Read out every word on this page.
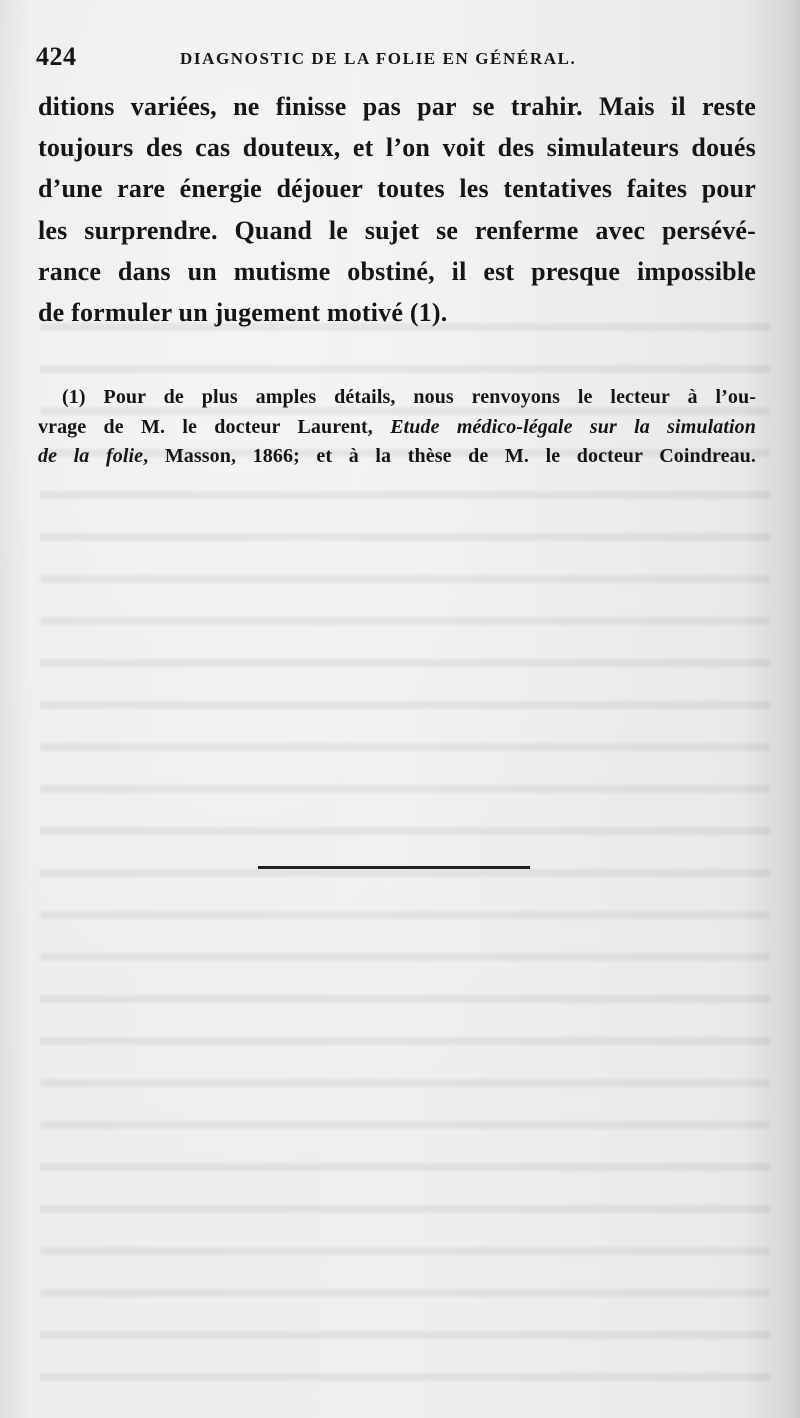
424	DIAGNOSTIC DE LA FOLIE EN GÉNÉRAL.
ditions variées, ne finisse pas par se trahir. Mais il reste
toujours des cas douteux, et l’on voit des simulateurs doués
d’une rare énergie déjouer toutes les tentatives faites pour
les surprendre. Quand le sujet se renferme avec persévé-
rance dans un mutisme obstiné, il est presque impossible
de formuler un jugement motivé (1).
(1) Pour de plus amples détails, nous renvoyons le lecteur à l’ou-
vrage de M. le docteur Laurent, Etude médico-légale sur la simulation
de la folie, Masson, 1866; et à la thèse de M. le docteur Coindreau.
